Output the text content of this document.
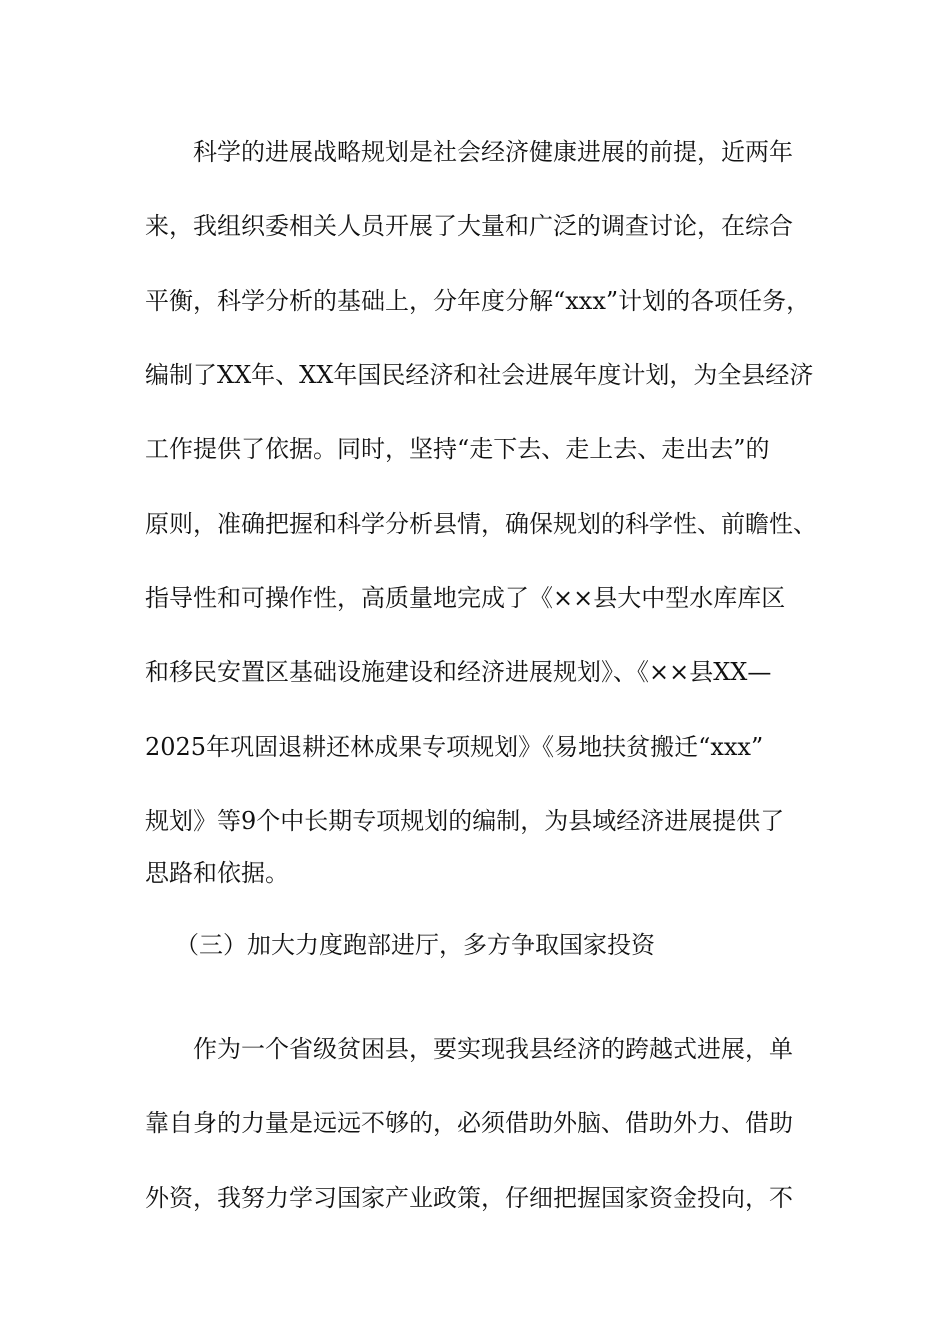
科学的进展战略规划是社会经济健康进展的前提，近两年

来，我组织委相关人员开展了大量和广泛的调查讨论，在综合

平衡，科学分析的基础上，分年度分解“xxx”计划的各项任务，

编制了XX年、XX年国民经济和社会进展年度计划，为全县经济

工作提供了依据。同时，坚持“走下去、走上去、走出去”的

原则，准确把握和科学分析县情，确保规划的科学性、前瞻性、

指导性和可操作性，高质量地完成了《××县大中型水库库区

和移民安置区基础设施建设和经济进展规划》、《××县XX—

2025年巩固退耕还林成果专项规划》《易地扶贫搬迁“xxx”

规划》等9个中长期专项规划的编制，为县域经济进展提供了

思路和依据。

（三）加大力度跑部进厅，多方争取国家投资

作为一个省级贫困县，要实现我县经济的跨越式进展，单

靠自身的力量是远远不够的，必须借助外脑、借助外力、借助

外资，我努力学习国家产业政策，仔细把握国家资金投向，不
